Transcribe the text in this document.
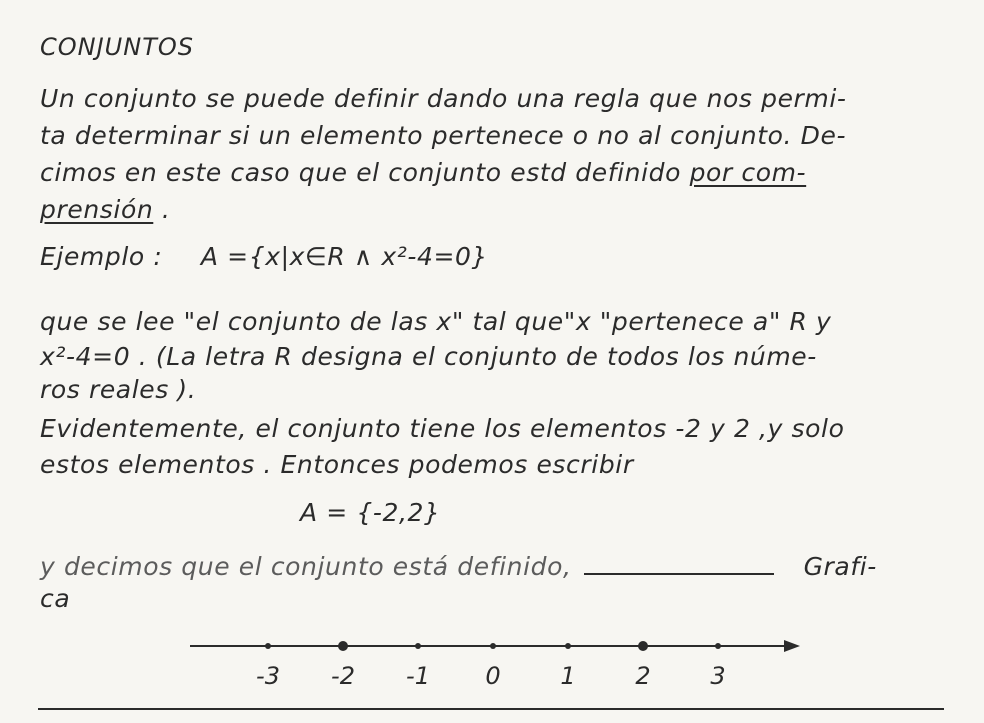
CONJUNTOS
Un conjunto se puede definir dando una regla que nos permi-
ta determinar si un elemento pertenece o no al conjunto. De-
cimos en este caso que el conjunto estd definido por com-
prensión .
Ejemplo : A ={x|x∈R ∧ x²-4=0}
que se lee "el conjunto de las x" tal que"x "pertenece a" R y
x²-4=0 . (La letra R designa el conjunto de todos los núme-
ros reales ).
Evidentemente, el conjunto tiene los elementos -2 y 2 ,y solo
estos elementos . Entonces podemos escribir
A = {-2,2}
y decimos que el conjunto está definido,	Grafi-
ca
-3 -2 -1 0 1 2 3
